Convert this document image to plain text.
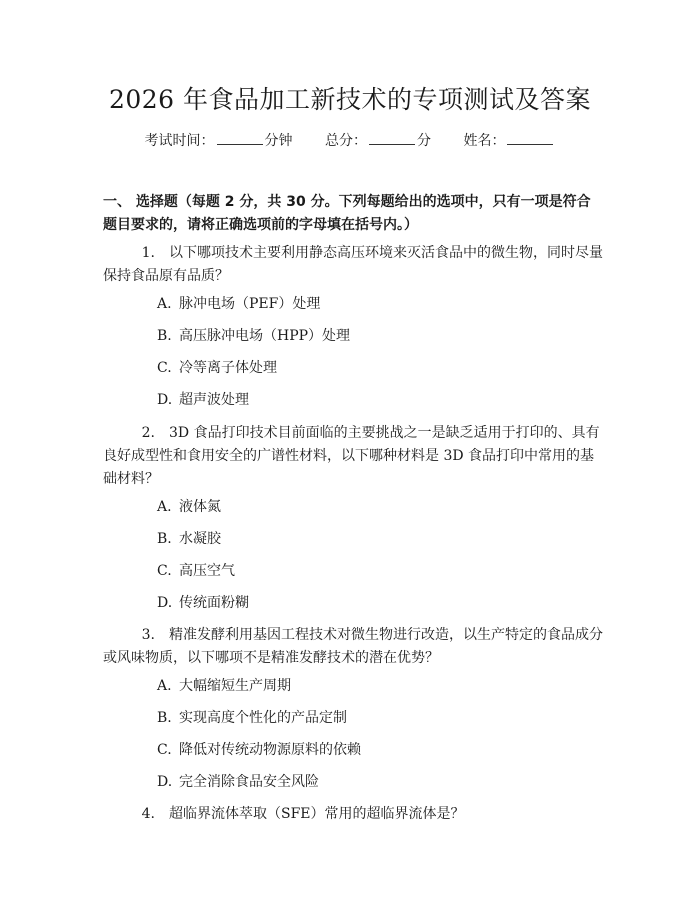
2026 年食品加工新技术的专项测试及答案
考试时间：	分钟 总分：	分 姓名：
一、 选择题（每题 2 分，共 30 分。下列每题给出的选项中，只有一项是符合题目要求的，请将正确选项前的字母填在括号内。）
1. 以下哪项技术主要利用静态高压环境来灭活食品中的微生物，同时尽量保持食品原有品质？
A. 脉冲电场（PEF）处理
B. 高压脉冲电场（HPP）处理
C. 冷等离子体处理
D. 超声波处理
2. 3D 食品打印技术目前面临的主要挑战之一是缺乏适用于打印的、具有良好成型性和食用安全的广谱性材料，以下哪种材料是 3D 食品打印中常用的基础材料？
A. 液体氮
B. 水凝胶
C. 高压空气
D. 传统面粉糊
3. 精准发酵利用基因工程技术对微生物进行改造，以生产特定的食品成分或风味物质，以下哪项不是精准发酵技术的潜在优势？
A. 大幅缩短生产周期
B. 实现高度个性化的产品定制
C. 降低对传统动物源原料的依赖
D. 完全消除食品安全风险
4. 超临界流体萃取（SFE）常用的超临界流体是？
